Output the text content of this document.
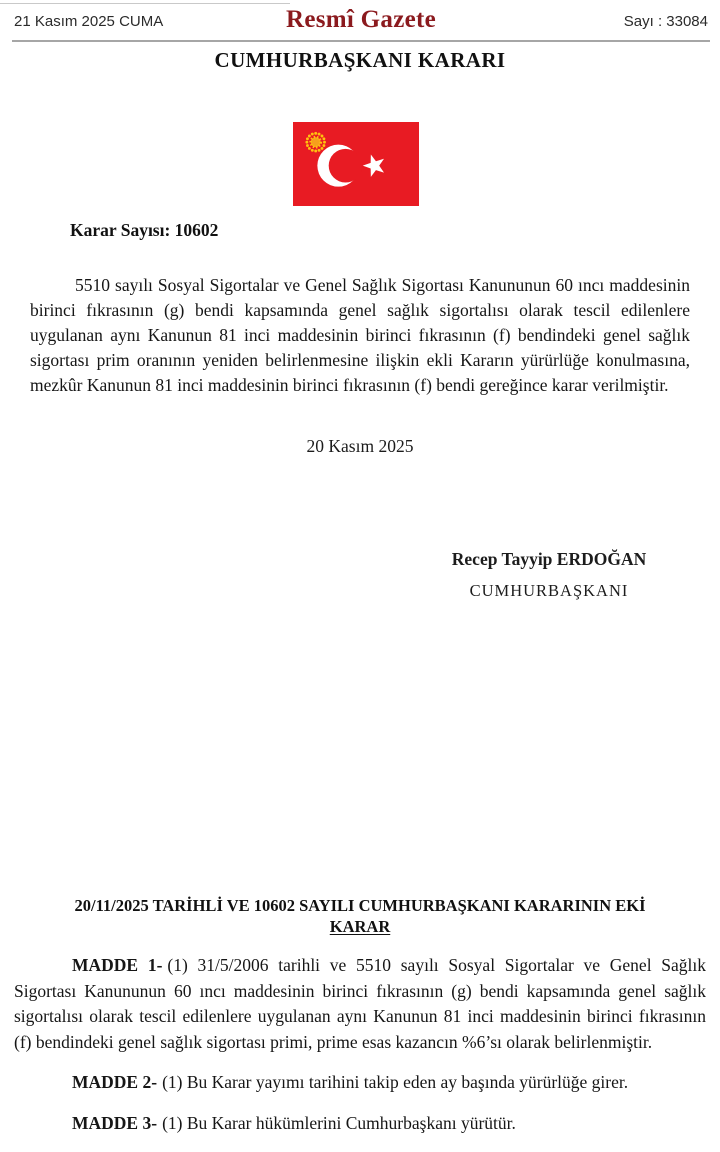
21 Kasım 2025 CUMA	Resmî Gazete	Sayı : 33084
CUMHURBAŞKANI KARARI
Karar Sayısı: 10602

5510 sayılı Sosyal Sigortalar ve Genel Sağlık Sigortası Kanununun 60 ıncı maddesinin birinci fıkrasının (g) bendi kapsamında genel sağlık sigortalısı olarak tescil edilenlere uygulanan aynı Kanunun 81 inci maddesinin birinci fıkrasının (f) bendindeki genel sağlık sigortası prim oranının yeniden belirlenmesine ilişkin ekli Kararın yürürlüğe konulmasına, mezkûr Kanunun 81 inci maddesinin birinci fıkrasının (f) bendi gereğince karar verilmiştir.

20 Kasım 2025
Recep Tayyip ERDOĞAN
CUMHURBAŞKANI
20/11/2025 TARİHLİ VE 10602 SAYILI CUMHURBAŞKANI KARARININ EKİ
KARAR

MADDE 1- (1) 31/5/2006 tarihli ve 5510 sayılı Sosyal Sigortalar ve Genel Sağlık Sigortası Kanununun 60 ıncı maddesinin birinci fıkrasının (g) bendi kapsamında genel sağlık sigortalısı olarak tescil edilenlere uygulanan aynı Kanunun 81 inci maddesinin birinci fıkrasının (f) bendindeki genel sağlık sigortası primi, prime esas kazancın %6’sı olarak belirlenmiştir.

MADDE 2- (1) Bu Karar yayımı tarihini takip eden ay başında yürürlüğe girer.

MADDE 3- (1) Bu Karar hükümlerini Cumhurbaşkanı yürütür.
